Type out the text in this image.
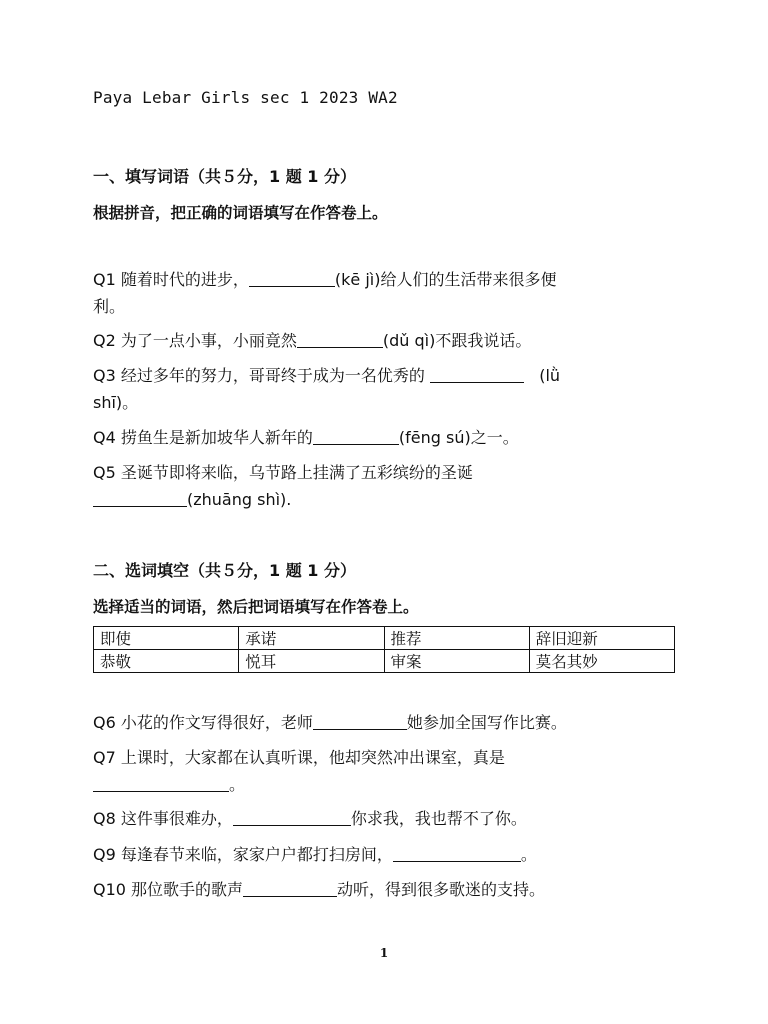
Paya Lebar Girls sec 1 2023 WA2
一、填写词语（共５分，1 题 1 分）
根据拼音，把正确的词语填写在作答卷上。
Q1 随着时代的进步，	(kē jì)给人们的生活带来很多便
利。
Q2 为了一点小事，小丽竟然	(dǔ qì)不跟我说话。
Q3 经过多年的努力，哥哥终于成为一名优秀的	(lǜ
shī)。
Q4 捞鱼生是新加坡华人新年的	(fēng sú)之一。
Q5 圣诞节即将来临，乌节路上挂满了五彩缤纷的圣诞
(zhuāng shì).
二、选词填空（共５分，1 题 1 分）
选择适当的词语，然后把词语填写在作答卷上。
即使	承诺	推荐	辞旧迎新
恭敬	悦耳	审案	莫名其妙
Q6 小花的作文写得很好，老师	她参加全国写作比赛。
Q7 上课时，大家都在认真听课，他却突然冲出课室，真是
。
Q8 这件事很难办，	你求我，我也帮不了你。
Q9 每逢春节来临，家家户户都打扫房间，	。
Q10 那位歌手的歌声	动听，得到很多歌迷的支持。
1
